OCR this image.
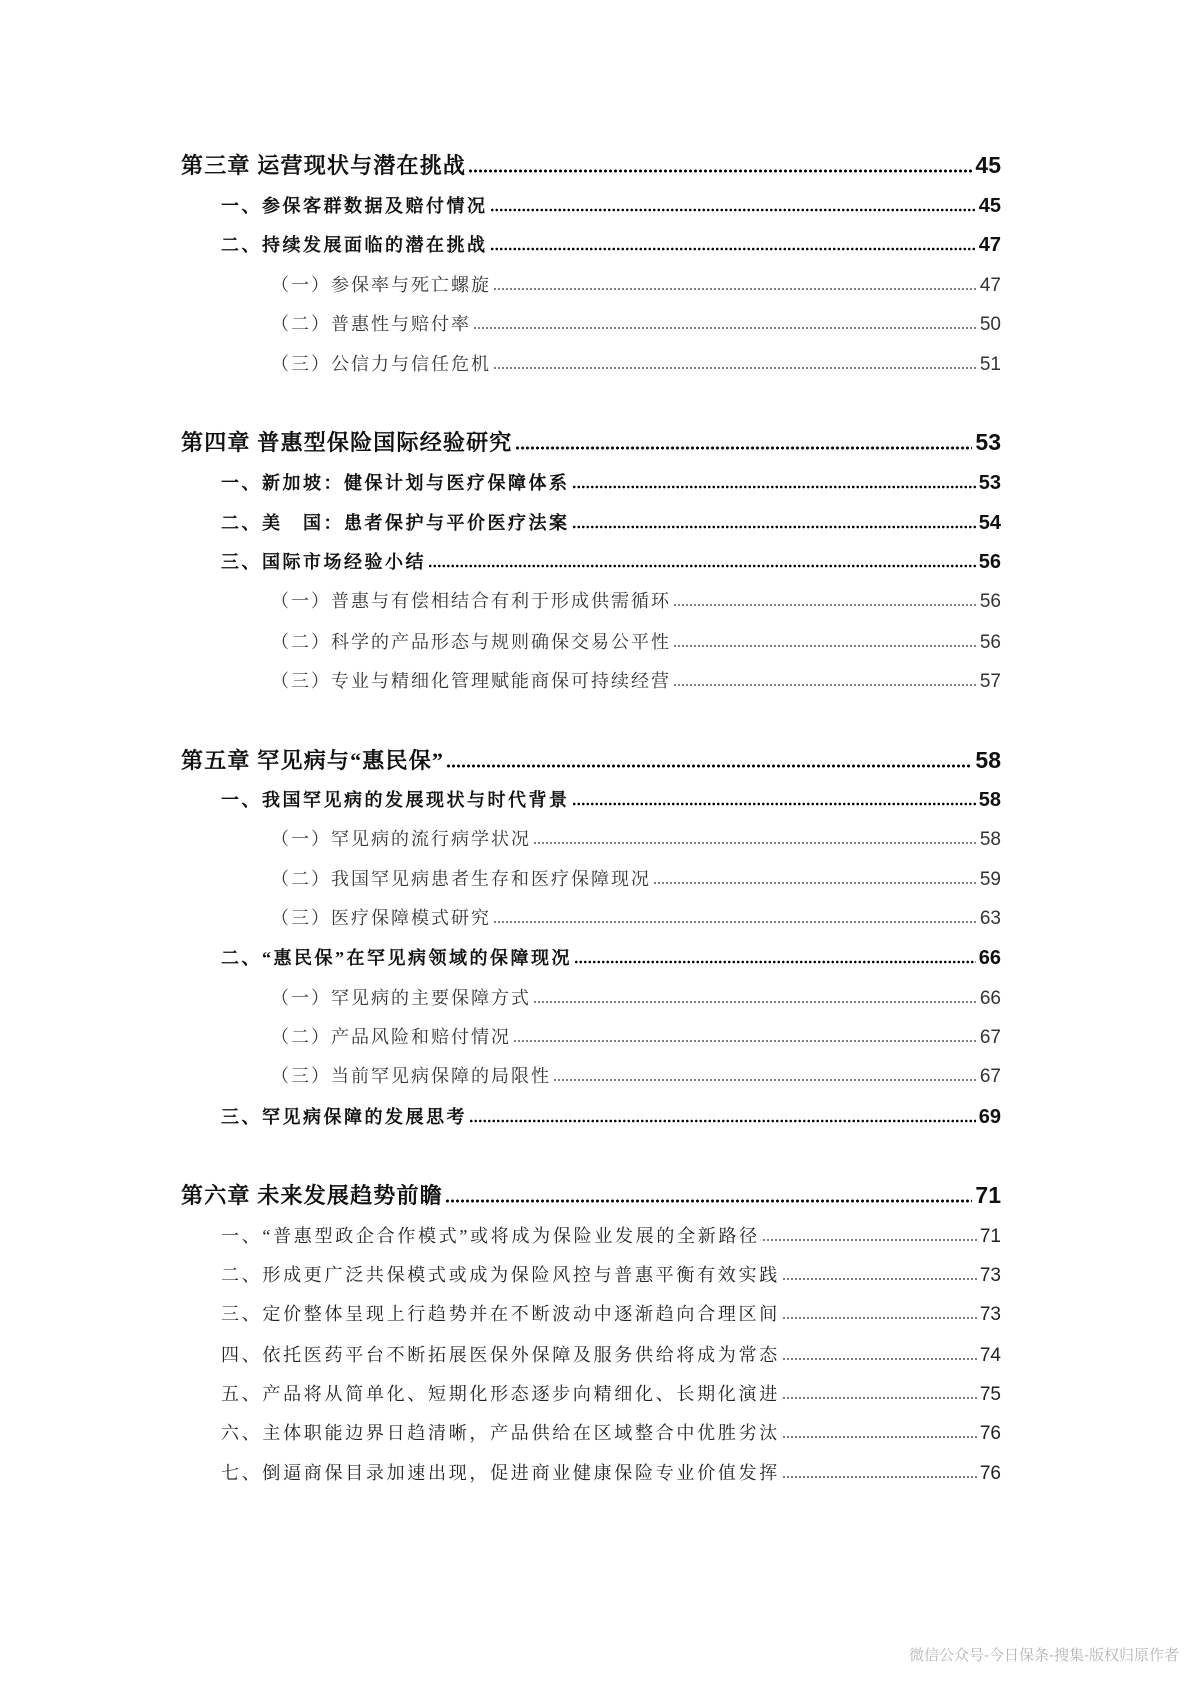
第三章 运营现状与潜在挑战	45
一、参保客群数据及赔付情况	45
二、持续发展面临的潜在挑战	47
（一）参保率与死亡螺旋	47
（二）普惠性与赔付率	50
（三）公信力与信任危机	51
第四章 普惠型保险国际经验研究	53
一、新加坡：健保计划与医疗保障体系	53
二、美　国：患者保护与平价医疗法案	54
三、国际市场经验小结	56
（一）普惠与有偿相结合有利于形成供需循环	56
（二）科学的产品形态与规则确保交易公平性	56
（三）专业与精细化管理赋能商保可持续经营	57
第五章 罕见病与“惠民保”	58
一、我国罕见病的发展现状与时代背景	58
（一）罕见病的流行病学状况	58
（二）我国罕见病患者生存和医疗保障现况	59
（三）医疗保障模式研究	63
二、“惠民保”在罕见病领域的保障现况	66
（一）罕见病的主要保障方式	66
（二）产品风险和赔付情况	67
（三）当前罕见病保障的局限性	67
三、罕见病保障的发展思考	69
第六章 未来发展趋势前瞻	71
一、“普惠型政企合作模式”或将成为保险业发展的全新路径	71
二、形成更广泛共保模式或成为保险风控与普惠平衡有效实践	73
三、定价整体呈现上行趋势并在不断波动中逐渐趋向合理区间	73
四、依托医药平台不断拓展医保外保障及服务供给将成为常态	74
五、产品将从简单化、短期化形态逐步向精细化、长期化演进	75
六、主体职能边界日趋清晰，产品供给在区域整合中优胜劣汰	76
七、倒逼商保目录加速出现，促进商业健康保险专业价值发挥	76
微信公众号-今日保条-搜集-版权归原作者
